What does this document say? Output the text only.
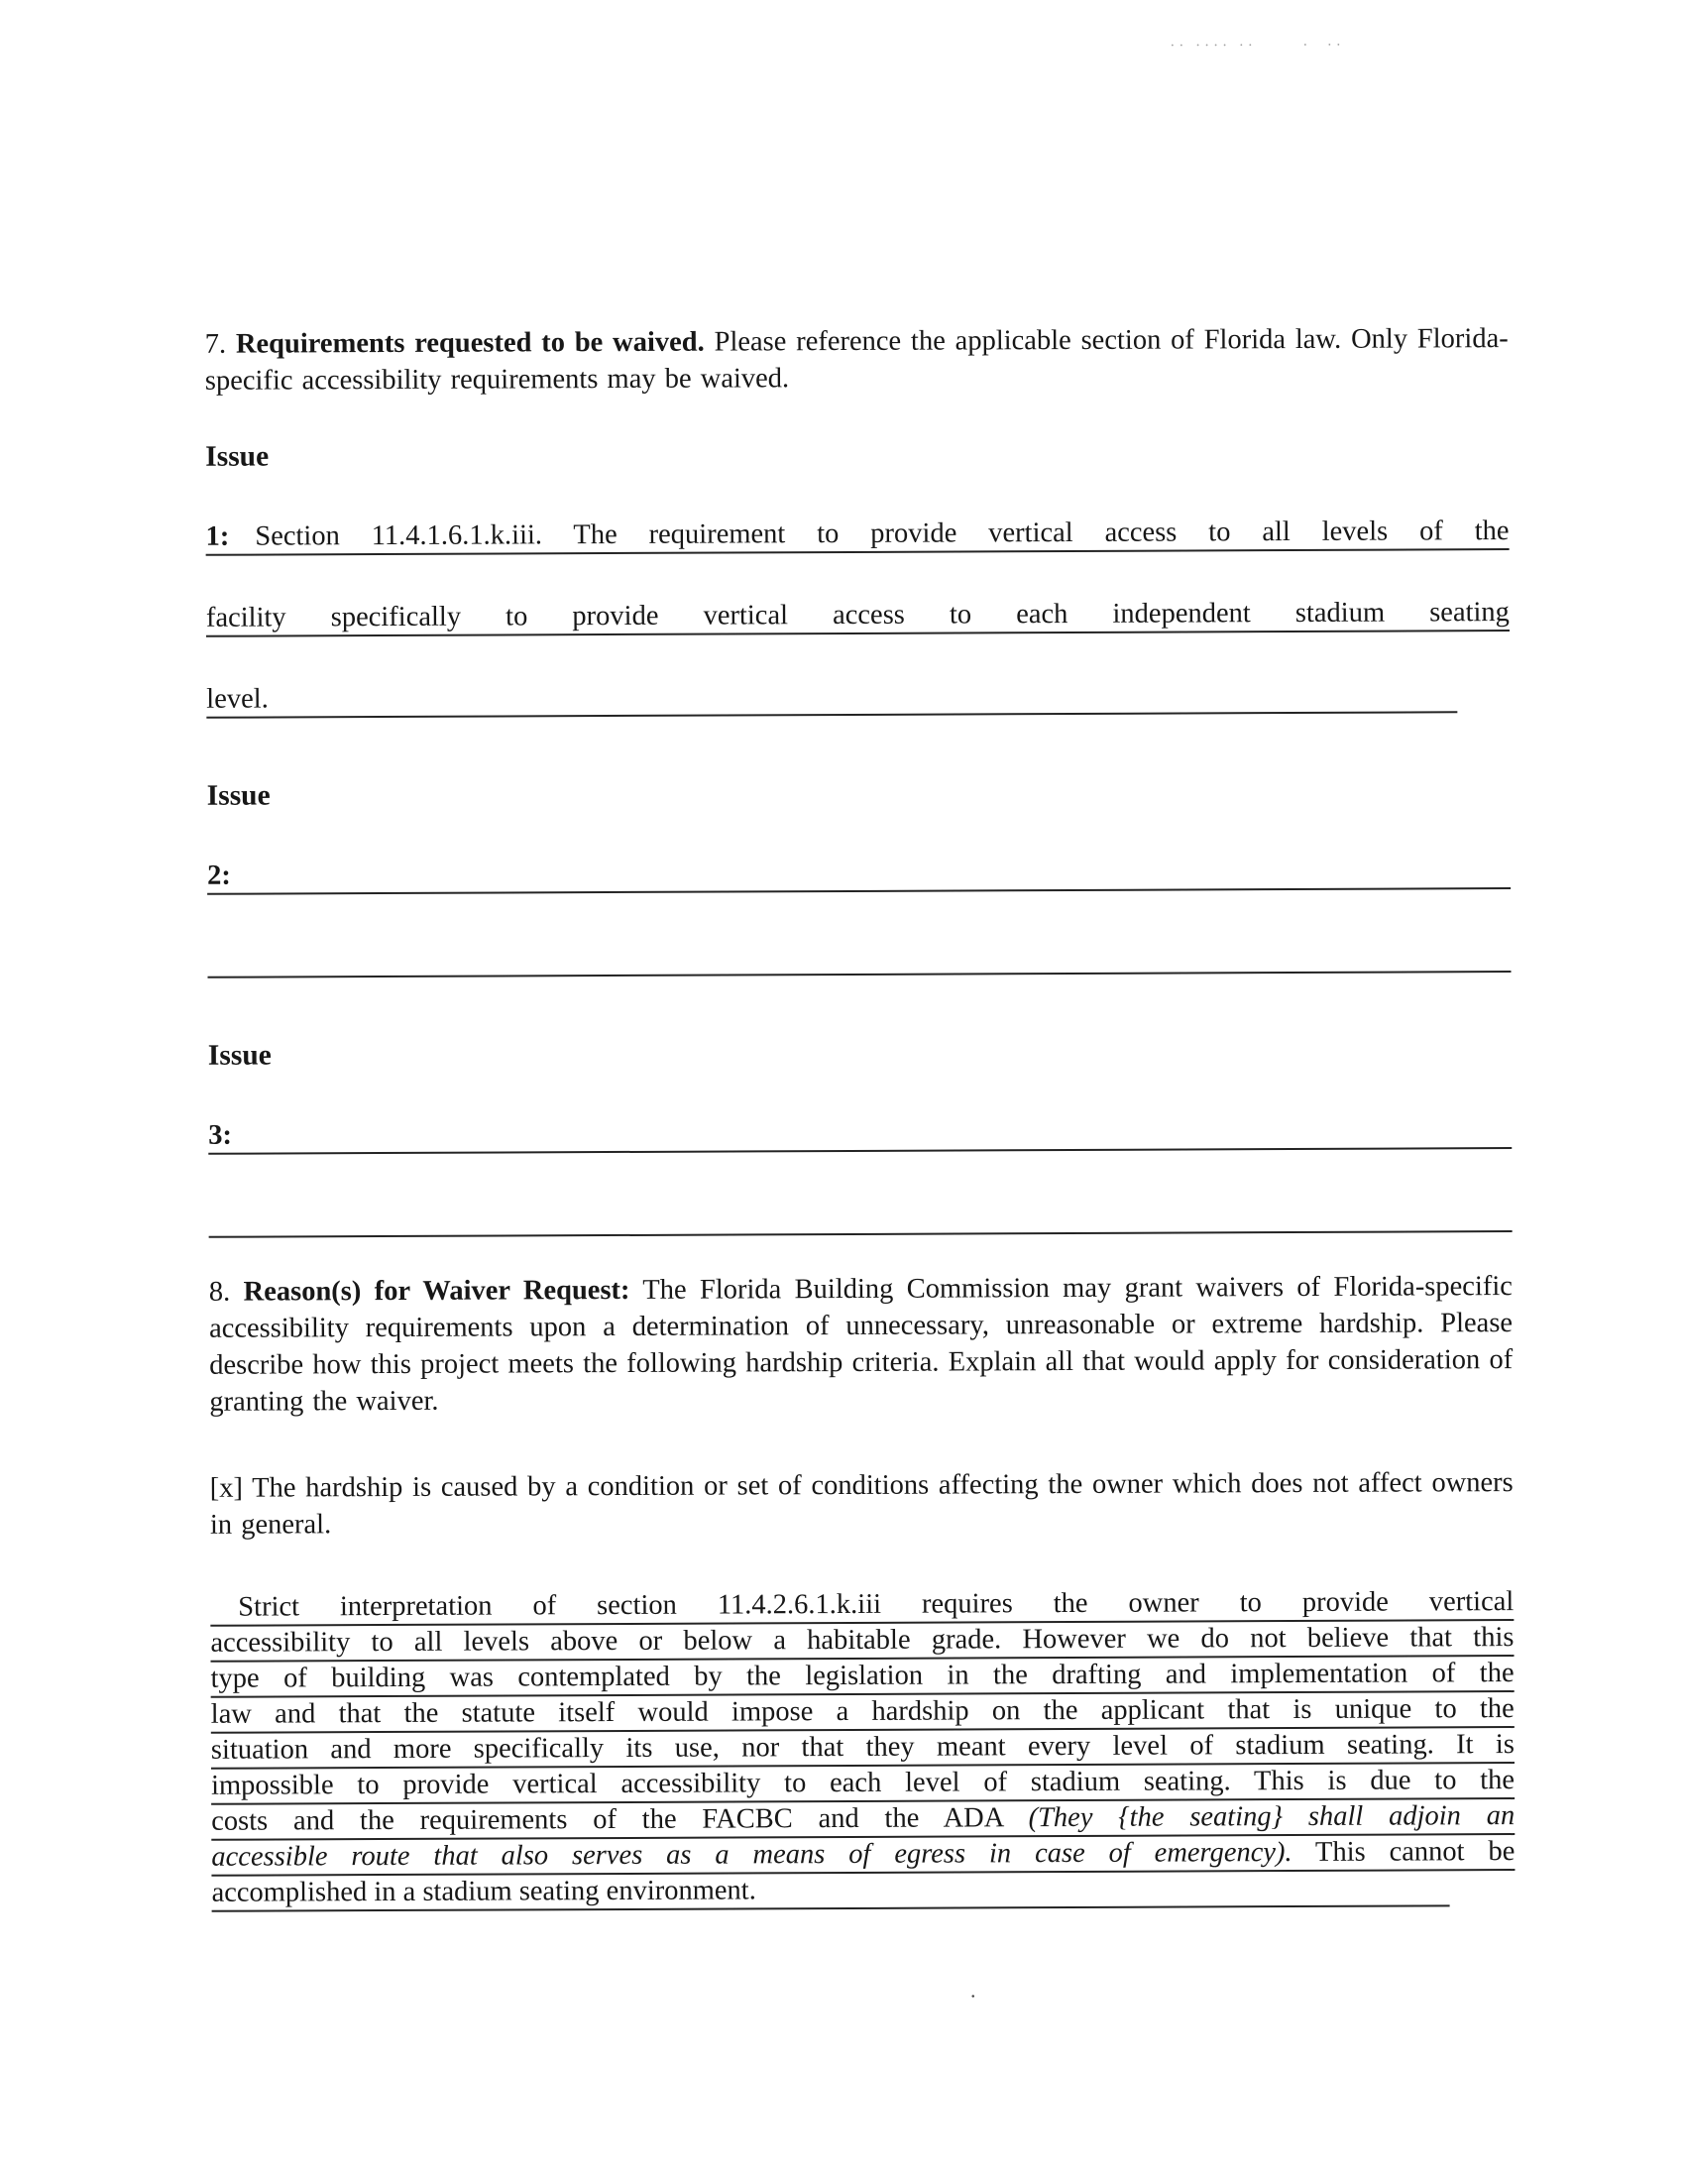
·· ···· ··      ·  ··

7. Requirements requested to be waived. Please reference the applicable section of Florida law. Only Florida-specific accessibility requirements may be waived.

Issue
1: Section 11.4.1.6.1.k.iii. The requirement to provide vertical access to all levels of the
facility specifically to provide vertical access to each independent stadium seating
level.
Issue
2:
Issue
3:

8. Reason(s) for Waiver Request: The Florida Building Commission may grant waivers of Florida-specific accessibility requirements upon a determination of unnecessary, unreasonable or extreme hardship. Please describe how this project meets the following hardship criteria. Explain all that would apply for consideration of granting the waiver.

[x] The hardship is caused by a condition or set of conditions affecting the owner which does not affect owners in general.

Strict interpretation of section 11.4.2.6.1.k.iii requires the owner to provide vertical
accessibility to all levels above or below a habitable grade. However we do not believe that this
type of building was contemplated by the legislation in the drafting and implementation of the
law and that the statute itself would impose a hardship on the applicant that is unique to the
situation and more specifically its use, nor that they meant every level of stadium seating. It is
impossible to provide vertical accessibility to each level of stadium seating. This is due to the
costs and the requirements of the FACBC and the ADA (They {the seating} shall adjoin an
accessible route that also serves as a means of egress in case of emergency). This cannot be
accomplished in a stadium seating environment.
.
